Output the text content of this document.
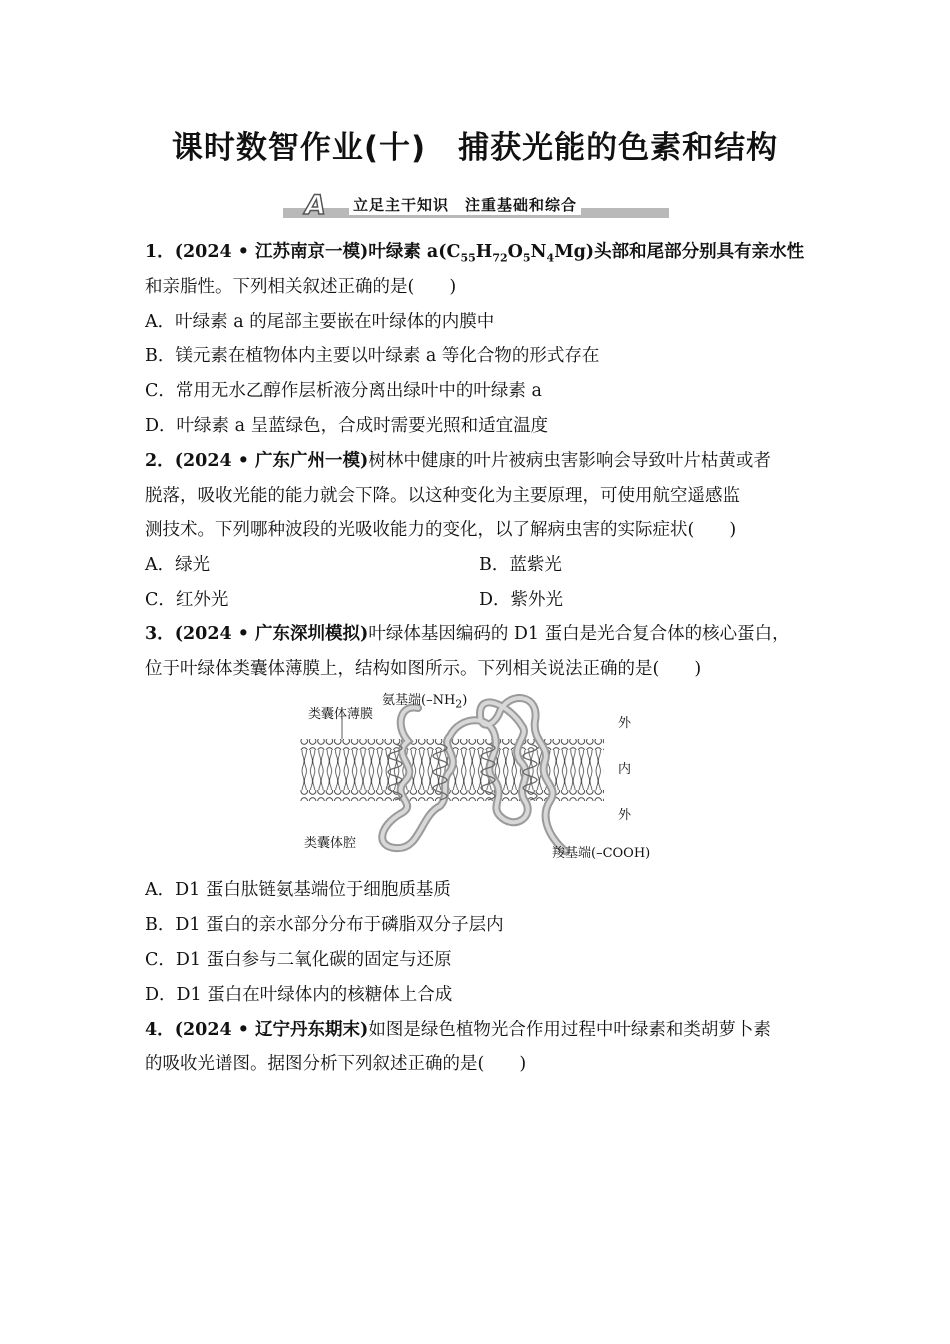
课时数智作业(十)　捕获光能的色素和结构
A 立足主干知识　注重基础和综合
1．(2024 • 江苏南京一模)叶绿素 $a(C_{55}H_{72}O_5N_4Mg)$头部和尾部分别具有亲水性
和亲脂性。下列相关叙述正确的是(　　)
A．叶绿素 a 的尾部主要嵌在叶绿体的内膜中
B．镁元素在植物体内主要以叶绿素 a 等化合物的形式存在
C．常用无水乙醇作层析液分离出绿叶中的叶绿素 a
D．叶绿素 a 呈蓝绿色，合成时需要光照和适宜温度
2．(2024 • 广东广州一模)树林中健康的叶片被病虫害影响会导致叶片枯黄或者
脱落，吸收光能的能力就会下降。以这种变化为主要原理，可使用航空遥感监
测技术。下列哪种波段的光吸收能力的变化，以了解病虫害的实际症状(　　)
A．绿光	B．蓝紫光
C．红外光	D．紫外光
3．(2024 • 广东深圳模拟)叶绿体基因编码的 D1 蛋白是光合复合体的核心蛋白，
位于叶绿体类囊体薄膜上，结构如图所示。下列相关说法正确的是(　　)
类囊体薄膜
氨基端$(-NH_2)$
外
内
外
类囊体腔
羧基端(–COOH)
A．D1 蛋白肽链氨基端位于细胞质基质
B．D1 蛋白的亲水部分分布于磷脂双分子层内
C．D1 蛋白参与二氧化碳的固定与还原
D．D1 蛋白在叶绿体内的核糖体上合成
4．(2024 • 辽宁丹东期末)如图是绿色植物光合作用过程中叶绿素和类胡萝卜素
的吸收光谱图。据图分析下列叙述正确的是(　　)
